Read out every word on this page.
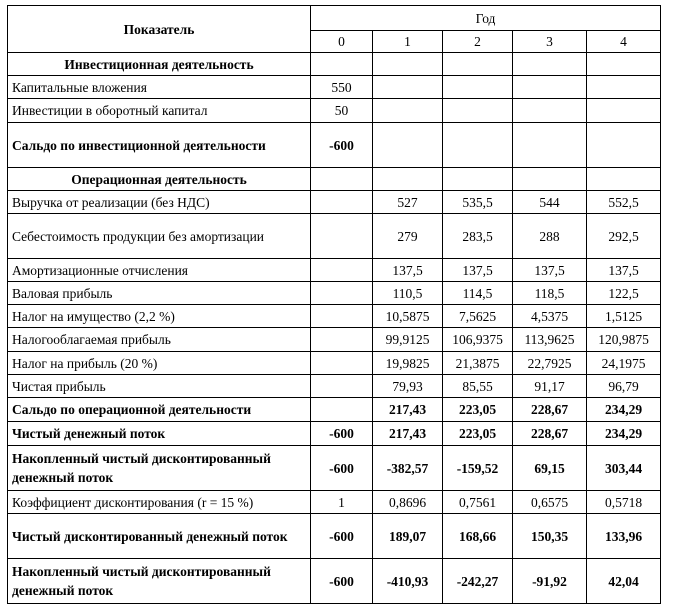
Показатель	Год				
	0	1	2	3	4
Инвестиционная деятельность					
Капитальные вложения	550				
Инвестиции в оборотный капитал	50				
Сальдо по инвестиционной деятельности	-600				
Операционная деятельность					
Выручка от реализации (без НДС)		527	535,5	544	552,5
Себестоимость продукции без амортизации		279	283,5	288	292,5
Амортизационные отчисления		137,5	137,5	137,5	137,5
Валовая прибыль		110,5	114,5	118,5	122,5
Налог на имущество (2,2 %)		10,5875	7,5625	4,5375	1,5125
Налогооблагаемая прибыль		99,9125	106,9375	113,9625	120,9875
Налог на прибыль (20 %)		19,9825	21,3875	22,7925	24,1975
Чистая прибыль		79,93	85,55	91,17	96,79
Сальдо по операционной деятельности		217,43	223,05	228,67	234,29
Чистый денежный поток	-600	217,43	223,05	228,67	234,29
Накопленный чистый дисконтированный денежный поток	-600	-382,57	-159,52	69,15	303,44
Коэффициент дисконтирования (r = 15 %)	1	0,8696	0,7561	0,6575	0,5718
Чистый дисконтированный денежный поток	-600	189,07	168,66	150,35	133,96
Накопленный чистый дисконтированный денежный поток	-600	-410,93	-242,27	-91,92	42,04
